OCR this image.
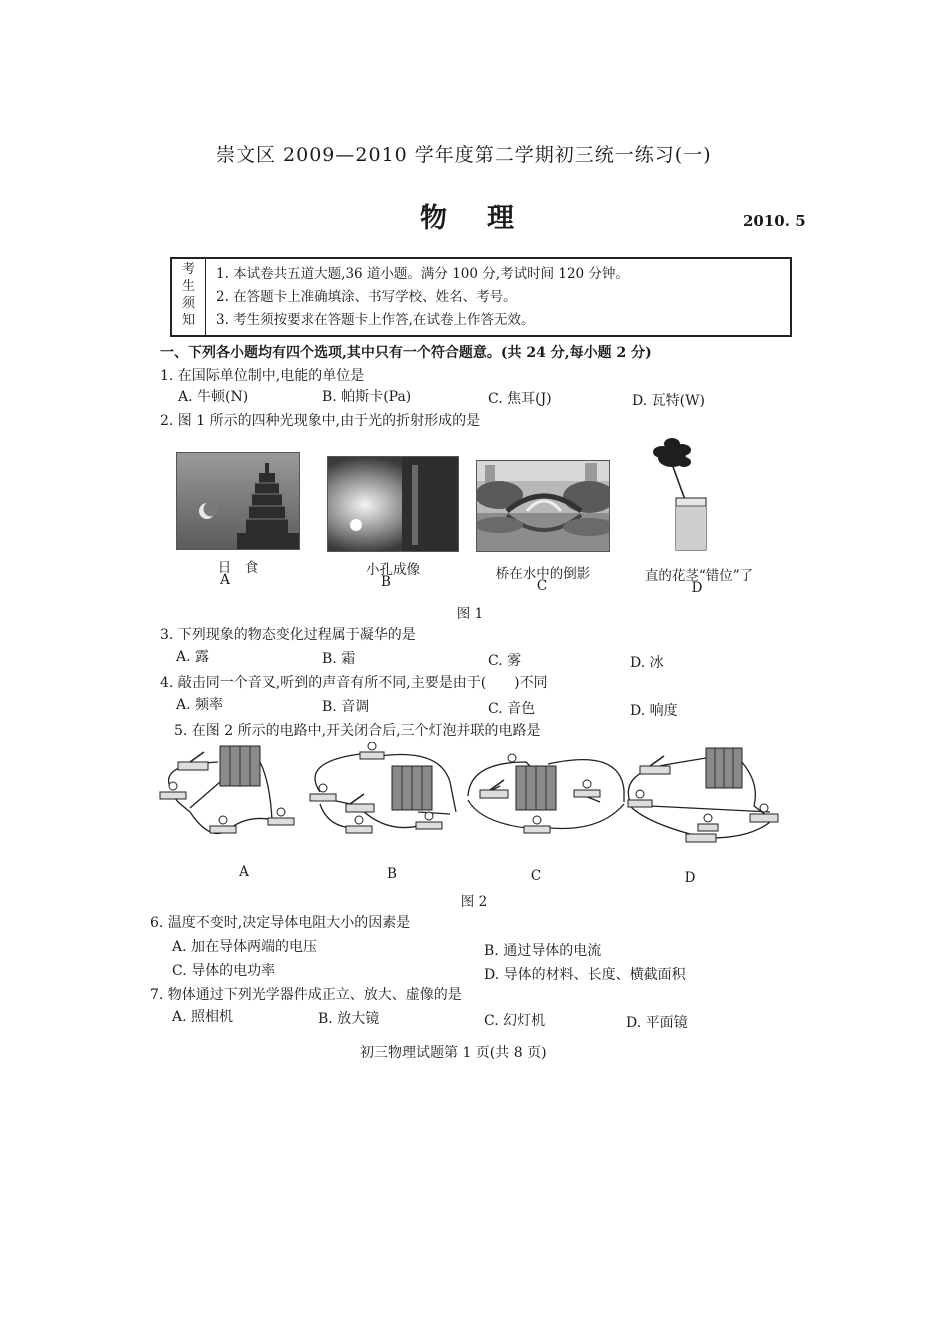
崇文区 2009—2010 学年度第二学期初三统一练习(一)
物理	2010. 5
考
生
须
知
1. 本试卷共五道大题,36 道小题。满分 100 分,考试时间 120 分钟。
2. 在答题卡上准确填涂、书写学校、姓名、考号。
3. 考生须按要求在答题卡上作答,在试卷上作答无效。
一、下列各小题均有四个选项,其中只有一个符合题意。(共 24 分,每小题 2 分)
1. 在国际单位制中,电能的单位是
A. 牛顿(N)	B. 帕斯卡(Pa)	C. 焦耳(J)	D. 瓦特(W)
2. 图 1 所示的四种光现象中,由于光的折射形成的是
日　食
A
小孔成像
B	桥在水中的倒影
C
直的花茎“错位”了
D
图 1
3. 下列现象的物态变化过程属于凝华的是
A. 露	B. 霜	C. 雾	D. 冰
4. 敲击同一个音叉,听到的声音有所不同,主要是由于(　　)不同
A. 频率	B. 音调	C. 音色	D. 响度
5. 在图 2 所示的电路中,开关闭合后,三个灯泡并联的电路是
A	B	C	D
图 2
6. 温度不变时,决定导体电阻大小的因素是
A. 加在导体两端的电压	B. 通过导体的电流
C. 导体的电功率	D. 导体的材料、长度、横截面积
7. 物体通过下列光学器件成正立、放大、虚像的是
A. 照相机	B. 放大镜	C. 幻灯机	D. 平面镜
初三物理试题第 1 页(共 8 页)
